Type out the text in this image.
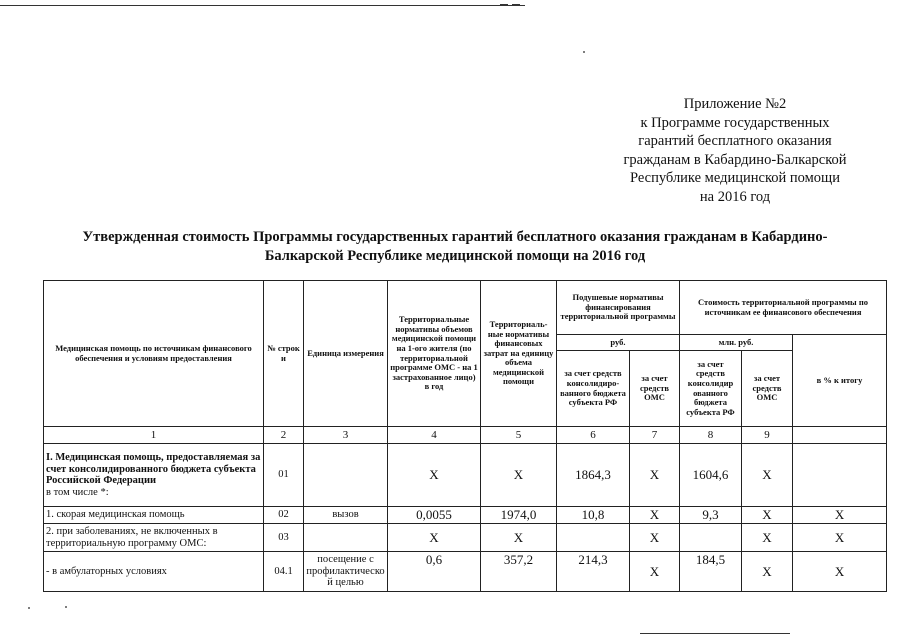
Приложение №2
к Программе государственных
гарантий бесплатного оказания
гражданам в Кабардино-Балкарской
Республике медицинской помощи
на 2016 год
Утвержденная стоимость Программы государственных гарантий бесплатного оказания гражданам в Кабардино-
Балкарской Республике медицинской помощи на 2016 год
Медицинская помощь по источникам финансового обеспечения и условиям предоставления	№ строк и	Единица измерения	Территориальные нормативы объемов медицинской помощи на 1-ого жителя (по территориальной программе ОМС - на 1 застрахованное лицо) в год	Территориаль-ные нормативы финансовых затрат на единицу объема медицинской помощи	Подушевые нормативы финансирования территориальной программы		Стоимость территориальной программы по источникам ее финансового обеспечения		
					руб.		млн. руб.		в % к итогу
					за счет средств консолидиро-ванного бюджета субъекта РФ	за счет средств ОМС	за счет средств консолидир ованного бюджета субъекта РФ	за счет средств ОМС	
1	2	3	4	5	6	7	8	9	
I. Медицинская помощь, предоставляемая за счет консолидированного бюджета субъекта Российской Федерации
в том числе *:	01		Х	Х	1864,3	Х	1604,6	Х	
1. скорая медицинская помощь	02	вызов	0,0055	1974,0	10,8	Х	9,3	Х	Х
2. при заболеваниях, не включенных в территориальную программу ОМС:	03		Х	Х		Х		Х	Х
- в амбулаторных условиях	04.1	посещение с профилактическо й целью	0,6	357,2	214,3	Х	184,5	Х	Х
